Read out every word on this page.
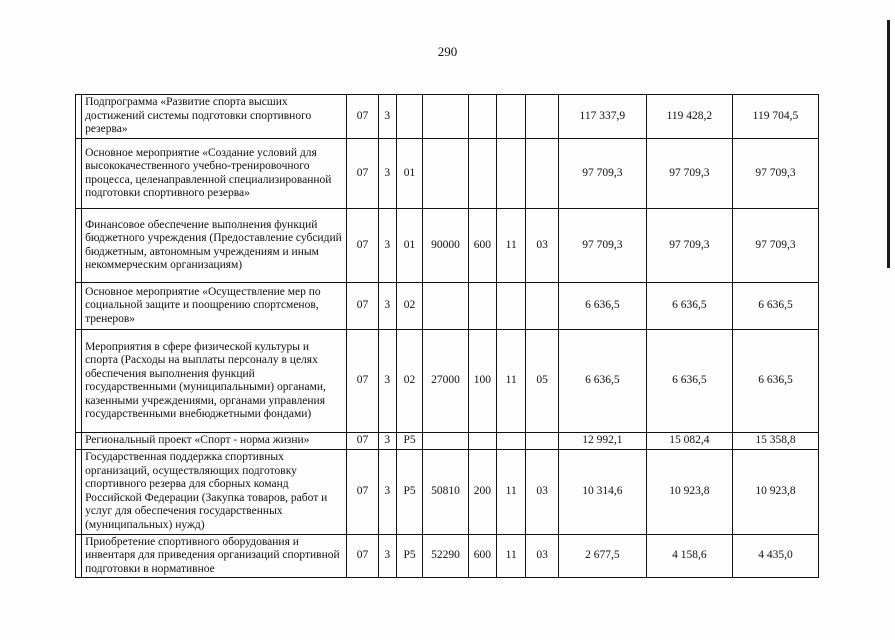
290
	Подпрограмма «Развитие спорта высших достижений системы подготовки спортивного резерва»	07	3						117 337,9	119 428,2	119 704,5
	Основное мероприятие «Создание условий для высококачественного учебно-тренировочного процесса, целенаправленной специализированной подготовки спортивного резерва»	07	3	01					97 709,3	97 709,3	97 709,3
	Финансовое обеспечение выполнения функций бюджетного учреждения (Предоставление субсидий бюджетным, автономным учреждениям и иным некоммерческим организациям)	07	3	01	90000	600	11	03	97 709,3	97 709,3	97 709,3
	Основное мероприятие «Осуществление мер по социальной защите и поощрению спортсменов, тренеров»	07	3	02					6 636,5	6 636,5	6 636,5
	Мероприятия в сфере физической культуры и спорта (Расходы на выплаты персоналу в целях обеспечения выполнения функций государственными (муниципальными) органами, казенными учреждениями, органами управления государственными внебюджетными фондами)	07	3	02	27000	100	11	05	6 636,5	6 636,5	6 636,5
	Региональный проект «Спорт - норма жизни»	07	3	P5					12 992,1	15 082,4	15 358,8
	Государственная поддержка спортивных организаций, осуществляющих подготовку спортивного резерва для сборных команд Российской Федерации (Закупка товаров, работ и услуг для обеспечения государственных (муниципальных) нужд)	07	3	P5	50810	200	11	03	10 314,6	10 923,8	10 923,8
	Приобретение спортивного оборудования и инвентаря для приведения организаций спортивной подготовки в нормативное	07	3	P5	52290	600	11	03	2 677,5	4 158,6	4 435,0
